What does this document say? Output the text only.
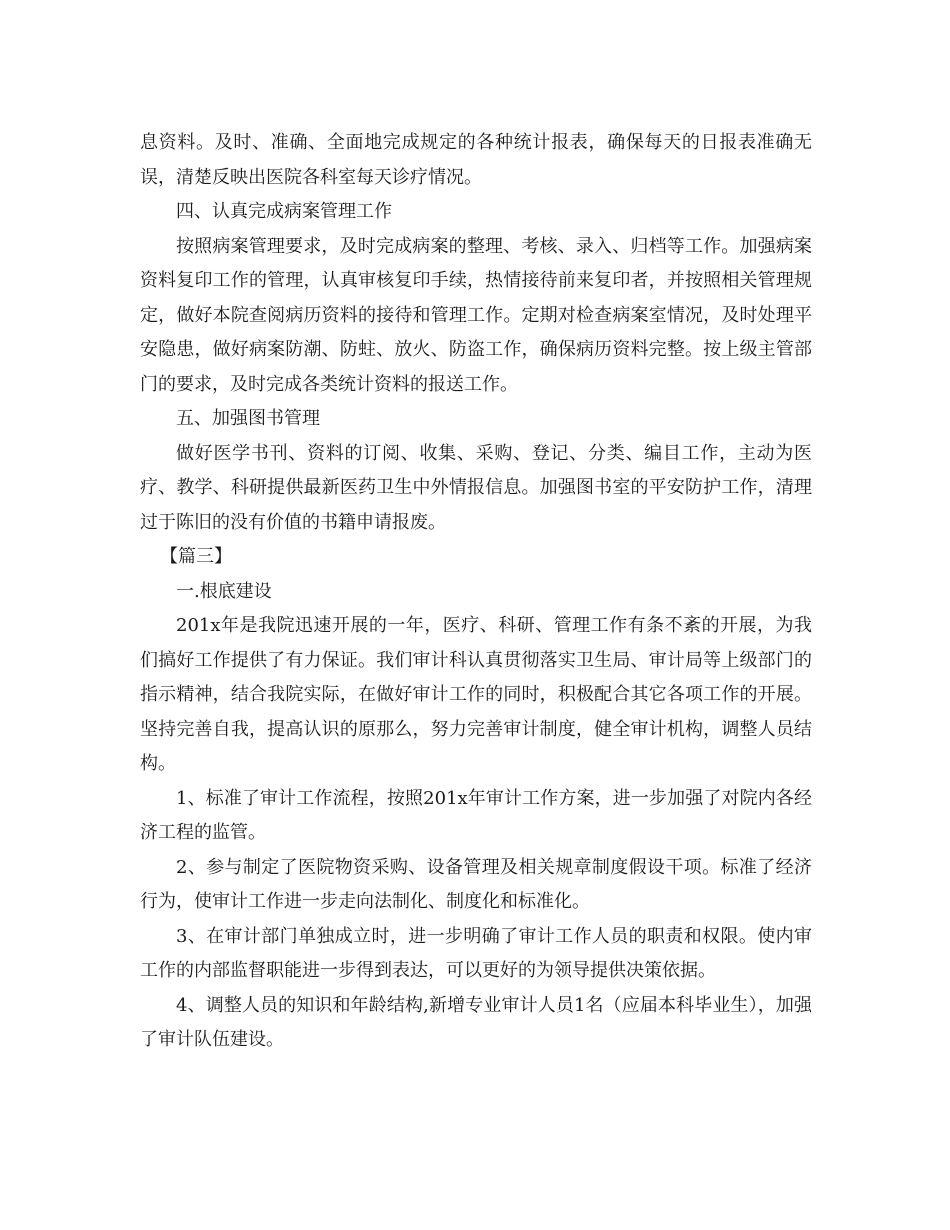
息资料。及时、准确、全面地完成规定的各种统计报表，确保每天的日报表准确无误，清楚反映出医院各科室每天诊疗情况。

四、认真完成病案管理工作

按照病案管理要求，及时完成病案的整理、考核、录入、归档等工作。加强病案资料复印工作的管理，认真审核复印手续，热情接待前来复印者，并按照相关管理规定，做好本院查阅病历资料的接待和管理工作。定期对检查病案室情况，及时处理平安隐患，做好病案防潮、防蛀、放火、防盗工作，确保病历资料完整。按上级主管部门的要求，及时完成各类统计资料的报送工作。

五、加强图书管理

做好医学书刊、资料的订阅、收集、采购、登记、分类、编目工作，主动为医疗、教学、科研提供最新医药卫生中外情报信息。加强图书室的平安防护工作，清理过于陈旧的没有价值的书籍申请报废。

【篇三】

一.根底建设

201x年是我院迅速开展的一年，医疗、科研、管理工作有条不紊的开展，为我们搞好工作提供了有力保证。我们审计科认真贯彻落实卫生局、审计局等上级部门的指示精神，结合我院实际，在做好审计工作的同时，积极配合其它各项工作的开展。坚持完善自我，提高认识的原那么，努力完善审计制度，健全审计机构，调整人员结构。

1、标准了审计工作流程，按照201x年审计工作方案，进一步加强了对院内各经济工程的监管。

2、参与制定了医院物资采购、设备管理及相关规章制度假设干项。标准了经济行为，使审计工作进一步走向法制化、制度化和标准化。

3、在审计部门单独成立时，进一步明确了审计工作人员的职责和权限。使内审工作的内部监督职能进一步得到表达，可以更好的为领导提供决策依据。

4、调整人员的知识和年龄结构,新增专业审计人员1名（应届本科毕业生），加强了审计队伍建设。
